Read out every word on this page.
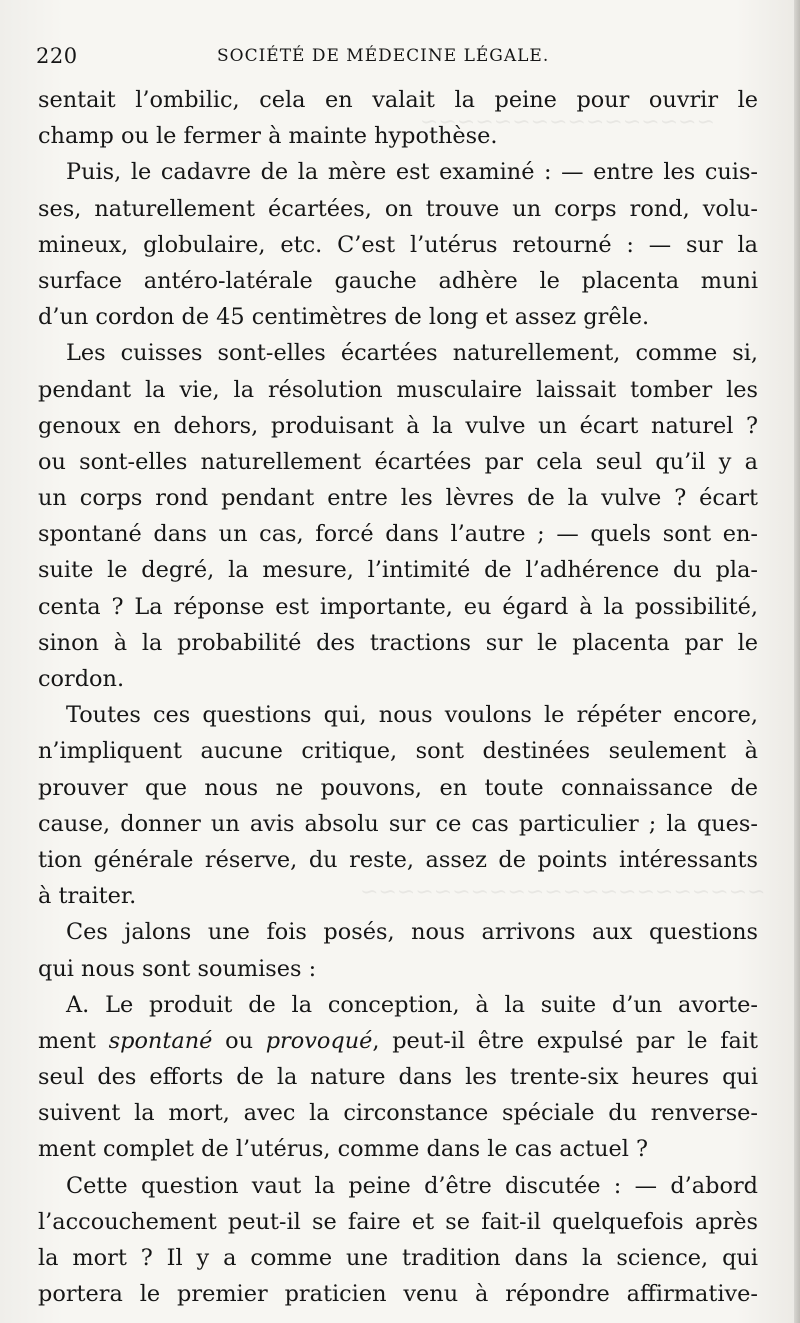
~~~~~~~~~~~~~~~~
~~~~~~~~~~~~~~~~~~~~~~
220	SOCIÉTÉ DE MÉDECINE LÉGALE.
sentait l’ombilic, cela en valait la peine pour ouvrir le
champ ou le fermer à mainte hypothèse.
Puis, le cadavre de la mère est examiné : — entre les cuis-
ses, naturellement écartées, on trouve un corps rond, volu-
mineux, globulaire, etc. C’est l’utérus retourné : — sur la
surface antéro-latérale gauche adhère le placenta muni
d’un cordon de 45 centimètres de long et assez grêle.
Les cuisses sont-elles écartées naturellement, comme si,
pendant la vie, la résolution musculaire laissait tomber les
genoux en dehors, produisant à la vulve un écart naturel ?
ou sont-elles naturellement écartées par cela seul qu’il y a
un corps rond pendant entre les lèvres de la vulve ? écart
spontané dans un cas, forcé dans l’autre ; — quels sont en-
suite le degré, la mesure, l’intimité de l’adhérence du pla-
centa ? La réponse est importante, eu égard à la possibilité,
sinon à la probabilité des tractions sur le placenta par le
cordon.
Toutes ces questions qui, nous voulons le répéter encore,
n’impliquent aucune critique, sont destinées seulement à
prouver que nous ne pouvons, en toute connaissance de
cause, donner un avis absolu sur ce cas particulier ; la ques-
tion générale réserve, du reste, assez de points intéressants
à traiter.
Ces jalons une fois posés, nous arrivons aux questions
qui nous sont soumises :
A. Le produit de la conception, à la suite d’un avorte-
ment spontané ou provoqué, peut-il être expulsé par le fait
seul des efforts de la nature dans les trente-six heures qui
suivent la mort, avec la circonstance spéciale du renverse-
ment complet de l’utérus, comme dans le cas actuel ?
Cette question vaut la peine d’être discutée : — d’abord
l’accouchement peut-il se faire et se fait-il quelquefois après
la mort ? Il y a comme une tradition dans la science, qui
portera le premier praticien venu à répondre affirmative-
